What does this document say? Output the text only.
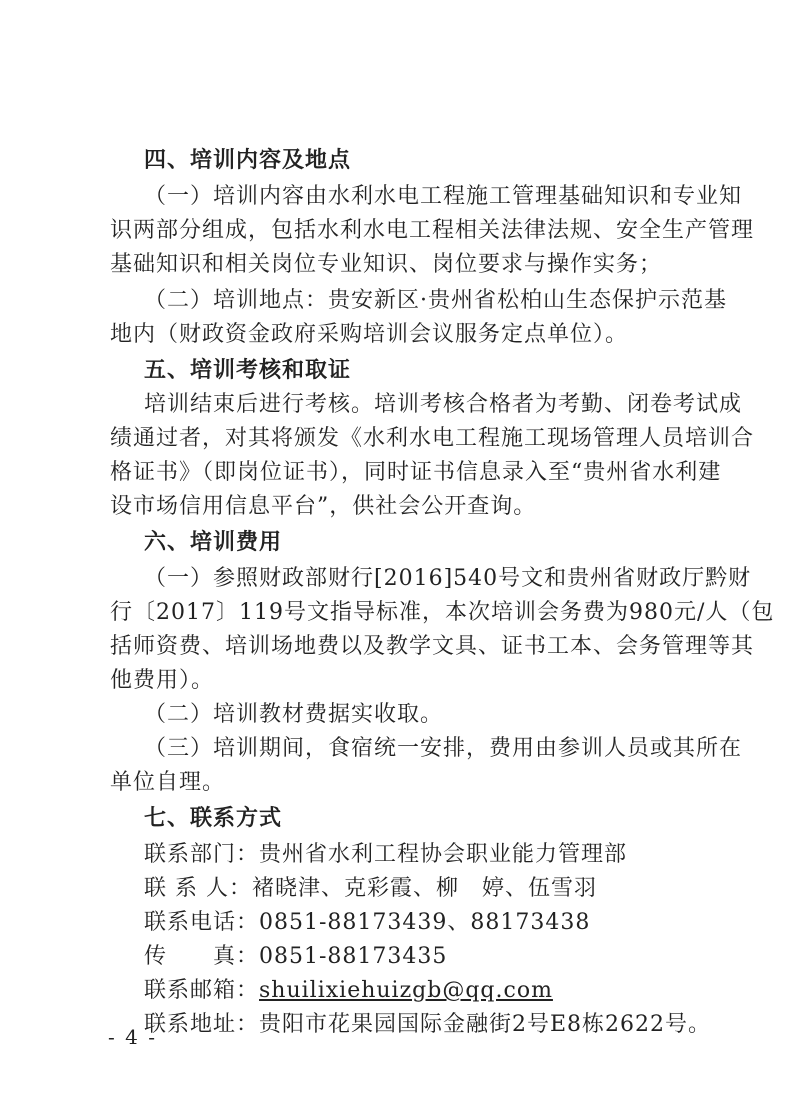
四、培训内容及地点
（一）培训内容由水利水电工程施工管理基础知识和专业知
识两部分组成，包括水利水电工程相关法律法规、安全生产管理
基础知识和相关岗位专业知识、岗位要求与操作实务；
（二）培训地点：贵安新区·贵州省松柏山生态保护示范基
地内（财政资金政府采购培训会议服务定点单位）。
五、培训考核和取证
培训结束后进行考核。培训考核合格者为考勤、闭卷考试成
绩通过者，对其将颁发《水利水电工程施工现场管理人员培训合
格证书》（即岗位证书），同时证书信息录入至“贵州省水利建
设市场信用信息平台”，供社会公开查询。
六、培训费用
（一）参照财政部财行[2016]540号文和贵州省财政厅黔财
行〔2017〕119号文指导标准，本次培训会务费为980元/人（包
括师资费、培训场地费以及教学文具、证书工本、会务管理等其
他费用）。
（二）培训教材费据实收取。
（三）培训期间，食宿统一安排，费用由参训人员或其所在
单位自理。
七、联系方式
联系部门：贵州省水利工程协会职业能力管理部
联 系 人：褚晓津、克彩霞、柳　婷、伍雪羽
联系电话：0851-88173439、88173438
传　　真：0851-88173435
联系邮箱：shuilixiehuizgb@qq.com
联系地址：贵阳市花果园国际金融街2号E8栋2622号。
- 4 -
